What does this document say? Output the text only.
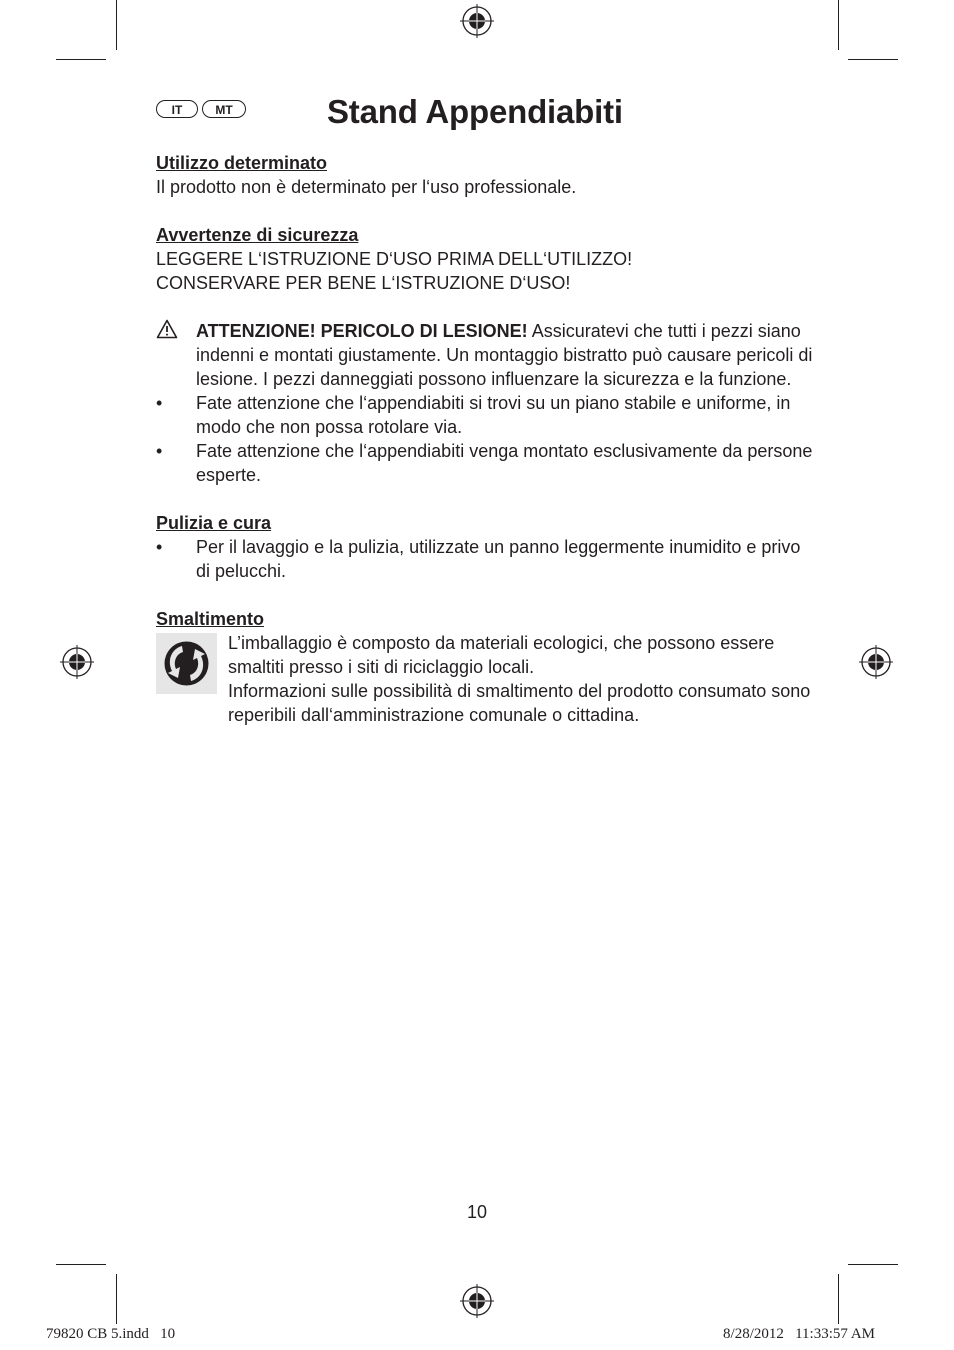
IT	MT	Stand Appendiabiti
Utilizzo determinato
Il prodotto non è determinato per l‘uso professionale.
Avvertenze di sicurezza
LEGGERE L‘ISTRUZIONE D‘USO PRIMA DELL‘UTILIZZO!
CONSERVARE PER BENE L‘ISTRUZIONE D‘USO!
ATTENZIONE! PERICOLO DI LESIONE! Assicuratevi che tutti i pezzi siano indenni e montati giustamente. Un montaggio bistratto può causare pericoli di lesione. I pezzi danneggiati possono influenzare la sicurezza e la funzione.
• Fate attenzione che l‘appendiabiti si trovi su un piano stabile e uniforme, in modo che non possa rotolare via.
• Fate attenzione che l‘appendiabiti venga montato esclusivamente da persone esperte.
Pulizia e cura
• Per il lavaggio e la pulizia, utilizzate un panno leggermente inumidito e privo di pelucchi.
Smaltimento
L’imballaggio è composto da materiali ecologici, che possono essere smaltiti presso i siti di riciclaggio locali.
Informazioni sulle possibilità di smaltimento del prodotto consumato sono reperibili dall‘amministrazione comunale o cittadina.
10
79820 CB 5.indd   10	8/28/2012   11:33:57 AM
